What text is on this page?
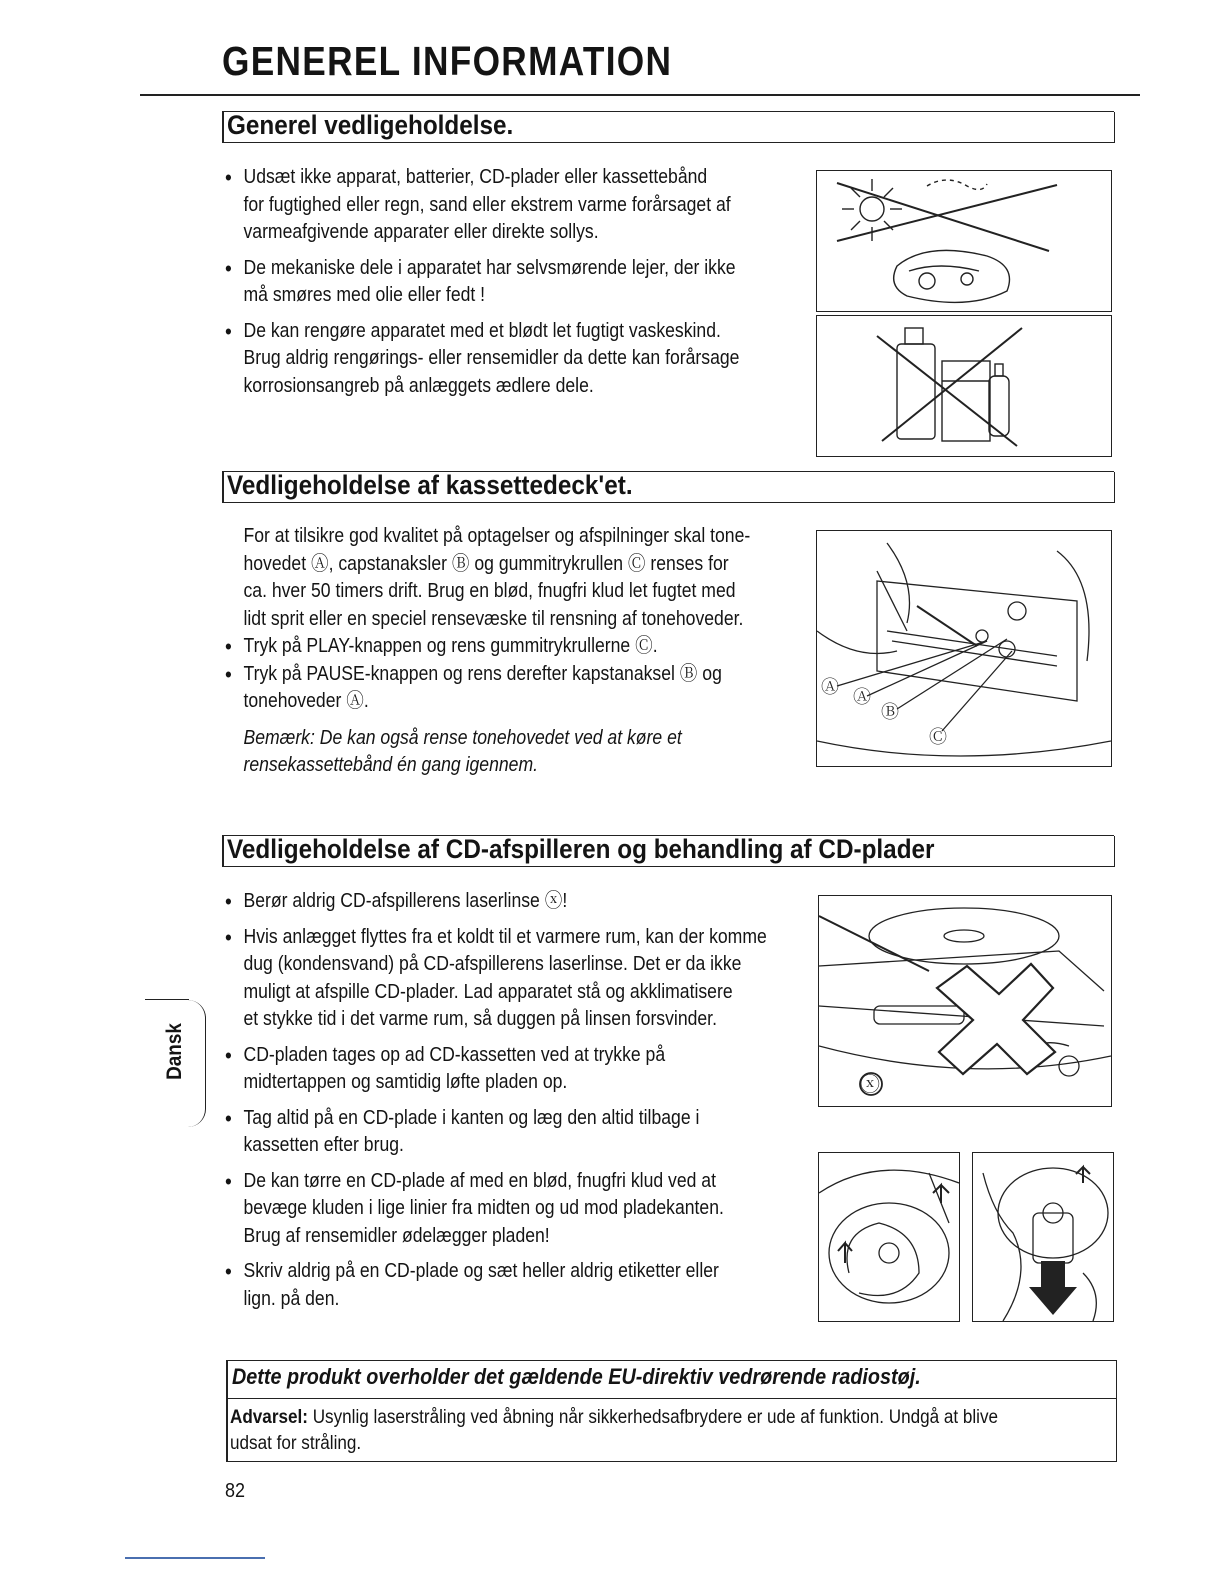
GENEREL INFORMATION
Generel vedligeholdelse.

• Udsæt ikke apparat, batterier, CD-plader eller kassettebånd

for fugtighed eller regn, sand eller ekstrem varme forårsaget af

varmeafgivende apparater eller direkte sollys.

• De mekaniske dele i apparatet har selvsmørende lejer, der ikke

må smøres med olie eller fedt !

• De kan rengøre apparatet med et blødt let fugtigt vaskeskind.

Brug aldrig rengørings- eller rensemidler da dette kan forårsage

korrosionsangreb på anlæggets ædlere dele.

Vedligeholdelse af kassettedeck'et.

For at tilsikre god kvalitet på optagelser og afspilninger skal tone-

hovedet Ⓐ, capstanaksler Ⓑ og gummitrykrullen Ⓒ renses for

ca. hver 50 timers drift. Brug en blød, fnugfri klud let fugtet med

lidt sprit eller en speciel rensevæske til rensning af tonehoveder.

• Tryk på PLAY-knappen og rens gummitrykrullerne Ⓒ.

• Tryk på PAUSE-knappen og rens derefter kapstanaksel Ⓑ og

tonehoveder Ⓐ.

Bemærk: De kan også rense tonehovedet ved at køre et

rensekassettebånd én gang igennem.

Ⓐ Ⓐ
Ⓑ
Ⓒ
Vedligeholdelse af CD-afspilleren og behandling af CD-plader

• Berør aldrig CD-afspillerens laserlinse ⓧ!

• Hvis anlægget flyttes fra et koldt til et varmere rum, kan der komme

dug (kondensvand) på CD-afspillerens laserlinse. Det er da ikke

muligt at afspille CD-plader. Lad apparatet stå og akklimatisere

et stykke tid i det varme rum, så duggen på linsen forsvinder.

• CD-pladen tages op ad CD-kassetten ved at trykke på

midtertappen og samtidig løfte pladen op.

• Tag altid på en CD-plade i kanten og læg den altid tilbage i

kassetten efter brug.

• De kan tørre en CD-plade af med en blød, fnugfri klud ved at

bevæge kluden i lige linier fra midten og ud mod pladekanten.

Brug af rensemidler ødelægger pladen!

• Skriv aldrig på en CD-plade og sæt heller aldrig etiketter eller

lign. på den.

ⓧ
Dansk
Dette produkt overholder det gældende EU-direktiv vedrørende radiostøj.
Advarsel: Usynlig laserstråling ved åbning når sikkerhedsafbrydere er ude af funktion. Undgå at blive
udsat for stråling.
82
